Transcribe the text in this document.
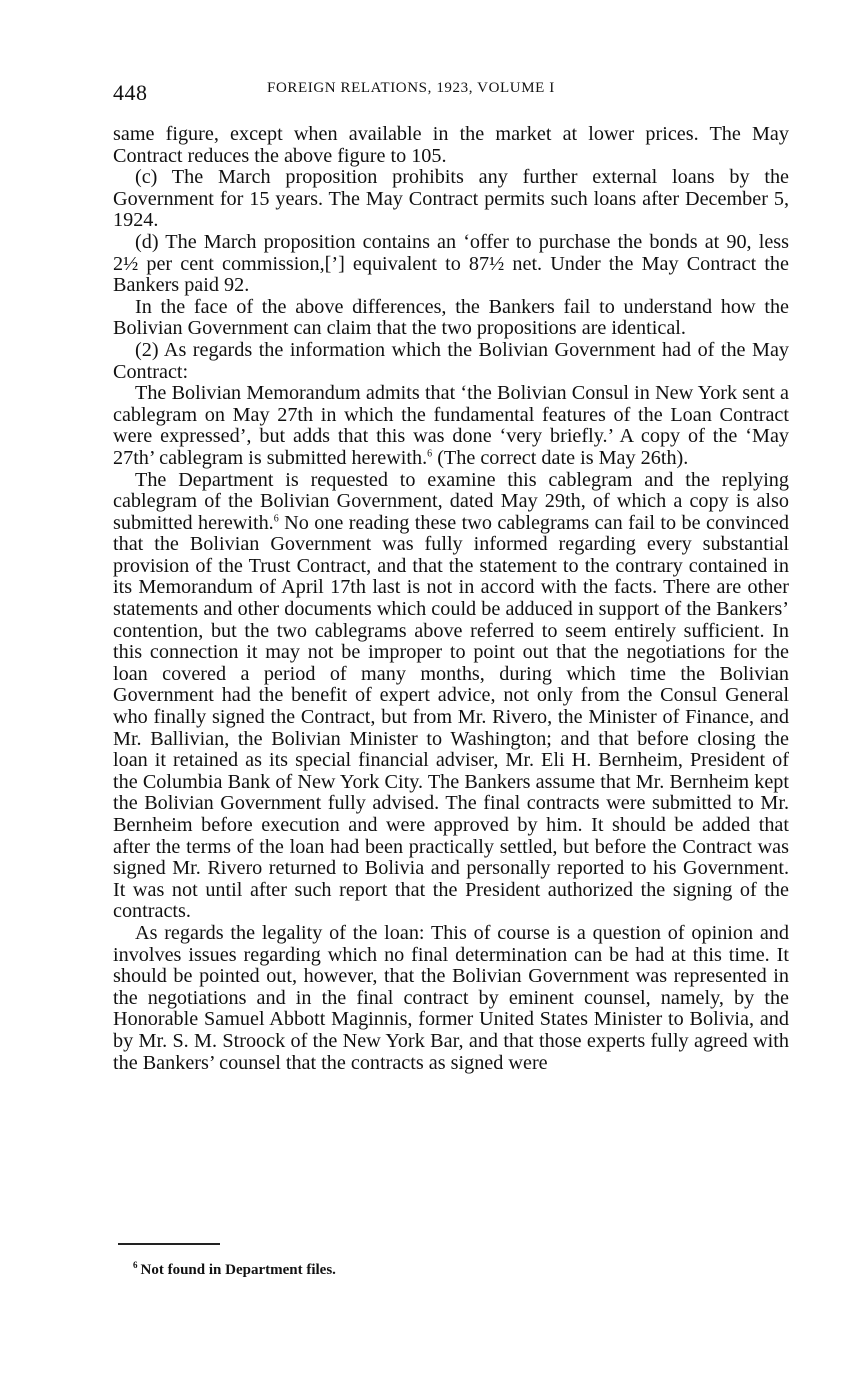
448	FOREIGN RELATIONS, 1923, VOLUME I

same figure, except when available in the market at lower prices. The May Contract reduces the above figure to 105.

(c) The March proposition prohibits any further external loans by the Government for 15 years. The May Contract permits such loans after December 5, 1924.

(d) The March proposition contains an ‘offer to purchase the bonds at 90, less 2½ per cent commission,[’] equivalent to 87½ net. Under the May Contract the Bankers paid 92.

In the face of the above differences, the Bankers fail to understand how the Bolivian Government can claim that the two propositions are identical.

(2) As regards the information which the Bolivian Government had of the May Contract:

The Bolivian Memorandum admits that ‘the Bolivian Consul in New York sent a cablegram on May 27th in which the fundamental features of the Loan Contract were expressed’, but adds that this was done ‘very briefly.’ A copy of the ‘May 27th’ cablegram is submitted herewith.$^6$ (The correct date is May 26th).

The Department is requested to examine this cablegram and the replying cablegram of the Bolivian Government, dated May 29th, of which a copy is also submitted herewith.$^6$ No one reading these two cablegrams can fail to be convinced that the Bolivian Government was fully informed regarding every substantial provision of the Trust Contract, and that the statement to the contrary contained in its Memorandum of April 17th last is not in accord with the facts. There are other statements and other documents which could be adduced in support of the Bankers’ contention, but the two cablegrams above referred to seem entirely sufficient. In this connection it may not be improper to point out that the negotiations for the loan covered a period of many months, during which time the Bolivian Government had the benefit of expert advice, not only from the Consul General who finally signed the Contract, but from Mr. Rivero, the Minister of Finance, and Mr. Ballivian, the Bolivian Minister to Washington; and that before closing the loan it retained as its special financial adviser, Mr. Eli H. Bernheim, President of the Columbia Bank of New York City. The Bankers assume that Mr. Bernheim kept the Bolivian Government fully advised. The final contracts were submitted to Mr. Bernheim before execution and were approved by him. It should be added that after the terms of the loan had been practically settled, but before the Contract was signed Mr. Rivero returned to Bolivia and personally reported to his Government. It was not until after such report that the President authorized the signing of the contracts.

As regards the legality of the loan: This of course is a question of opinion and involves issues regarding which no final determination can be had at this time. It should be pointed out, however, that the Bolivian Government was represented in the negotiations and in the final contract by eminent counsel, namely, by the Honorable Samuel Abbott Maginnis, former United States Minister to Bolivia, and by Mr. S. M. Stroock of the New York Bar, and that those experts fully agreed with the Bankers’ counsel that the contracts as signed were

$^6$ Not found in Department files.
